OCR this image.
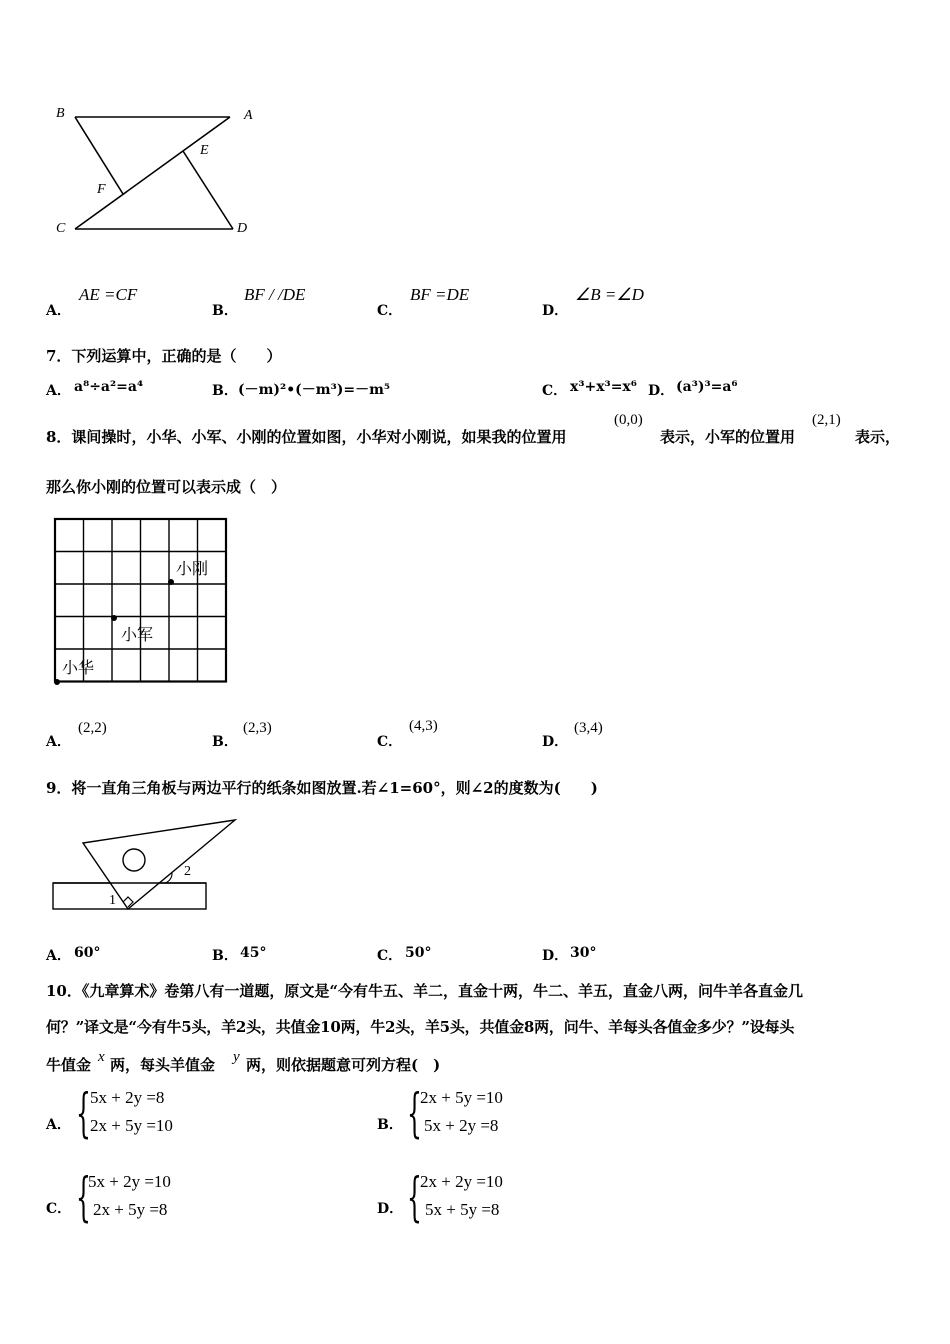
B	A
E
F
C	D
A．
AE =CF
B．
BF / /DE
C．
BF =DE
D．
∠B =∠D
7．下列运算中，正确的是（　　）
A． a⁸÷a²=a⁴	B． (－m)²•(－m³)=－m⁵	C． x³+x³=x⁶ D． (a³)³=a⁶
8．课间操时，小华、小军、小刚的位置如图，小华对小刚说，如果我的位置用
(0,0)
表示，小军的位置用
(2,1)
表示，
那么你小刚的位置可以表示成（　）
小刚
小军
小华
A．
(2,2)
B．
(2,3)
C．
(4,3)
D．
(3,4)
9．将一直角三角板与两边平行的纸条如图放置.若∠1=60°，则∠2的度数为(　　)
1
2
A． 60°	B． 45°	C． 50°	D． 30°
10．《九章算术》卷第八有一道题，原文是“今有牛五、羊二，直金十两，牛二、羊五，直金八两，问牛羊各直金几
何？”译文是“今有牛5头，羊2头，共值金10两，牛2头，羊5头，共值金8两，问牛、羊每头各值金多少？”设每头
牛值金 x 两，每头羊值金 y 两，则依据题意可列方程(　)
A． { 5x + 2y =8
2x + 5y =10	B． {
2x + 5y =10
5x + 2y =8
C． {
5x + 2y =10
2x + 5y =8	D． {
2x + 2y =10
5x + 5y =8
